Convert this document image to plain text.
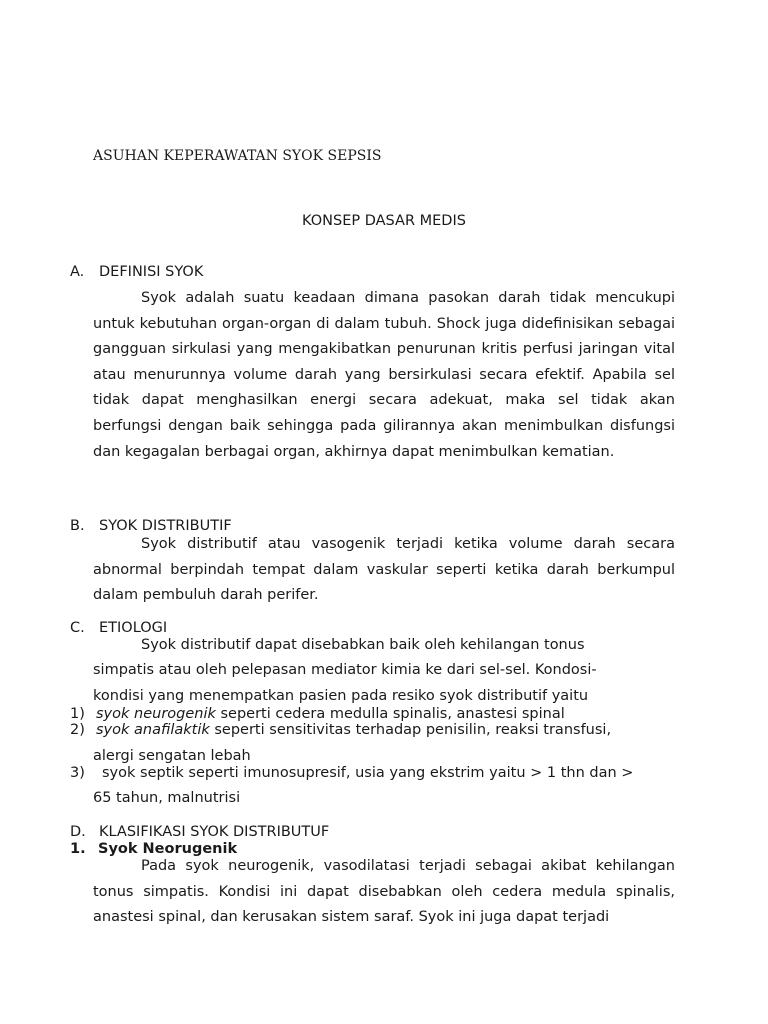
ASUHAN KEPERAWATAN SYOK SEPSIS
KONSEP DASAR MEDIS
A. DEFINISI SYOK
Syok adalah suatu keadaan dimana pasokan darah tidak mencukupi untuk kebutuhan organ-organ di dalam tubuh. Shock juga didefinisikan sebagai gangguan sirkulasi yang mengakibatkan penurunan kritis perfusi jaringan vital atau menurunnya volume darah yang bersirkulasi secara efektif. Apabila sel tidak dapat menghasilkan energi secara adekuat, maka sel tidak akan berfungsi dengan baik sehingga pada gilirannya akan menimbulkan disfungsi dan kegagalan berbagai organ, akhirnya dapat menimbulkan kematian.
B. SYOK DISTRIBUTIF
Syok distributif atau vasogenik terjadi ketika volume darah secara abnormal berpindah tempat dalam vaskular seperti ketika darah berkumpul dalam pembuluh darah perifer.
C. ETIOLOGI
Syok distributif dapat disebabkan baik oleh kehilangan tonus
simpatis atau oleh pelepasan mediator kimia ke dari sel-sel. Kondosi-
kondisi yang menempatkan pasien pada resiko syok distributif yaitu
1) syok neurogenik seperti cedera medulla spinalis, anastesi spinal
2) syok anafilaktik seperti sensitivitas terhadap penisilin, reaksi transfusi,
alergi sengatan lebah
3) syok septik seperti imunosupresif, usia yang ekstrim yaitu > 1 thn dan >
65 tahun, malnutrisi
D. KLASIFIKASI SYOK DISTRIBUTUF
1. Syok Neorugenik
Pada syok neurogenik, vasodilatasi terjadi sebagai akibat kehilangan tonus simpatis. Kondisi ini dapat disebabkan oleh cedera medula spinalis, anastesi spinal, dan kerusakan sistem saraf. Syok ini juga dapat terjadi
